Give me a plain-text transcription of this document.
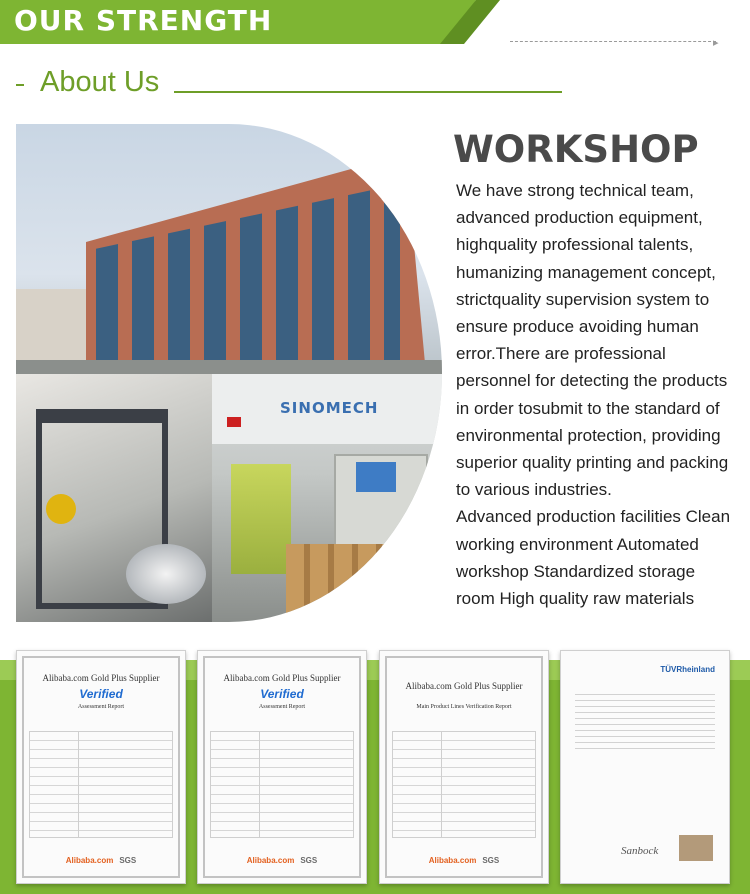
OUR STRENGTH
▸
About Us
SINOMECH
WORKSHOP

We have strong technical team,
advanced production equipment,
highquality professional talents,
humanizing management concept,
strictquality supervision system to
ensure produce avoiding human
error.There are professional
personnel for detecting the products
in order tosubmit to the standard of
environmental protection, providing
superior quality printing and packing
to various industries.
Advanced production facilities Clean
working environment Automated
workshop Standardized storage
room High quality raw materials

Alibaba.com Gold Plus Supplier
Verified
Assessment Report
Alibaba.com SGS
Alibaba.com Gold Plus Supplier
Verified
Assessment Report
Alibaba.com SGS
Alibaba.com Gold Plus Supplier
Main Product Lines Verification Report
Alibaba.com SGS
TÜVRheinland
Sanbock
